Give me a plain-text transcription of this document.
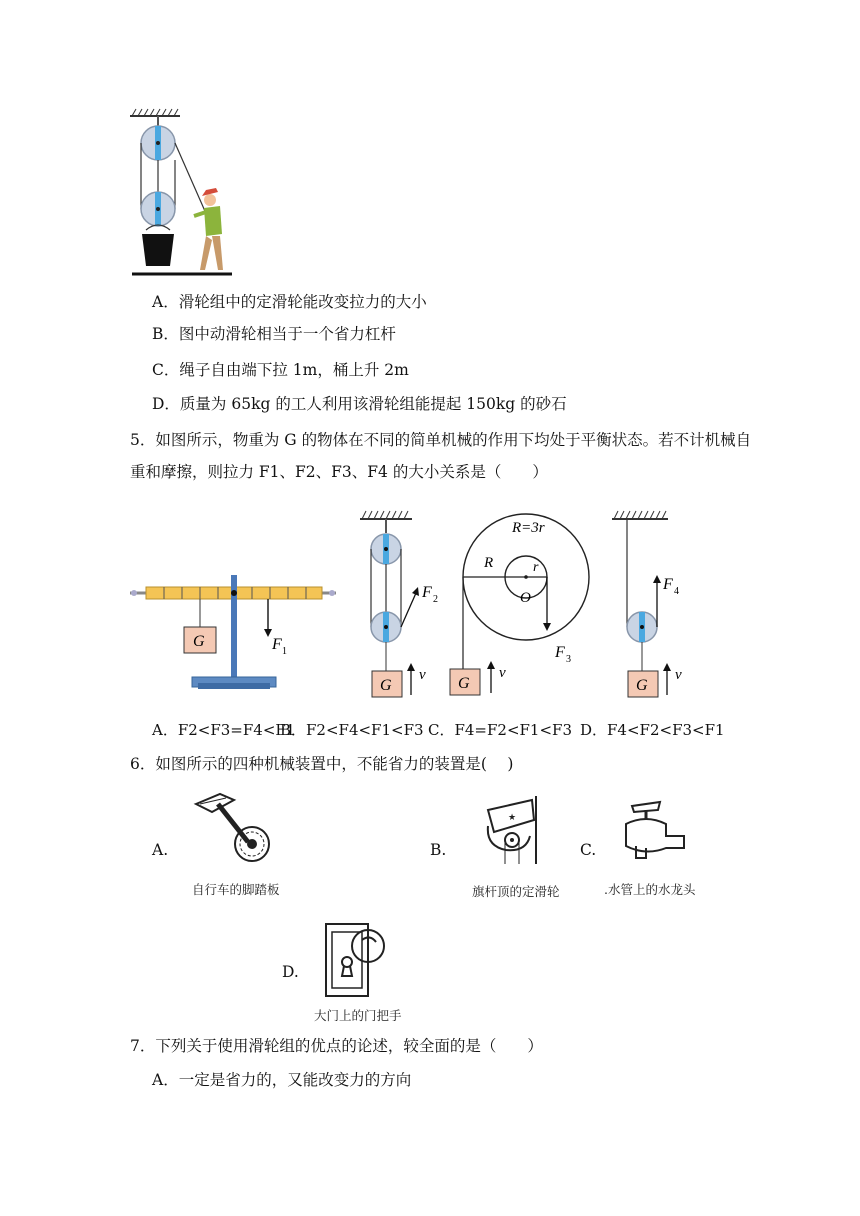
A．滑轮组中的定滑轮能改变拉力的大小
B．图中动滑轮相当于一个省力杠杆
C．绳子自由端下拉 1m，桶上升 2m
D．质量为 65kg 的工人利用该滑轮组能提起 150kg 的砂石
5．如图所示，物重为 G 的物体在不同的简单机械的作用下均处于平衡状态。若不计机械自
重和摩擦，则拉力 F1、F2、F3、F4 的大小关系是（　　）
G	F 1
F 2
G
v
R=3r
R	r
O
F 3
G
v
F 4
G
v
A．F2<F3=F4<F1
B．F2<F4<F1<F3 C．F4=F2<F1<F3 D．F4<F2<F3<F1
6．如图所示的四种机械装置中，不能省力的装置是(　 )
A.
自行车的脚踏板
B.
★
旗杆顶的定滑轮
C.
.水管上的水龙头
D.
大门上的门把手
7．下列关于使用滑轮组的优点的论述，较全面的是（　　）
A．一定是省力的，又能改变力的方向
